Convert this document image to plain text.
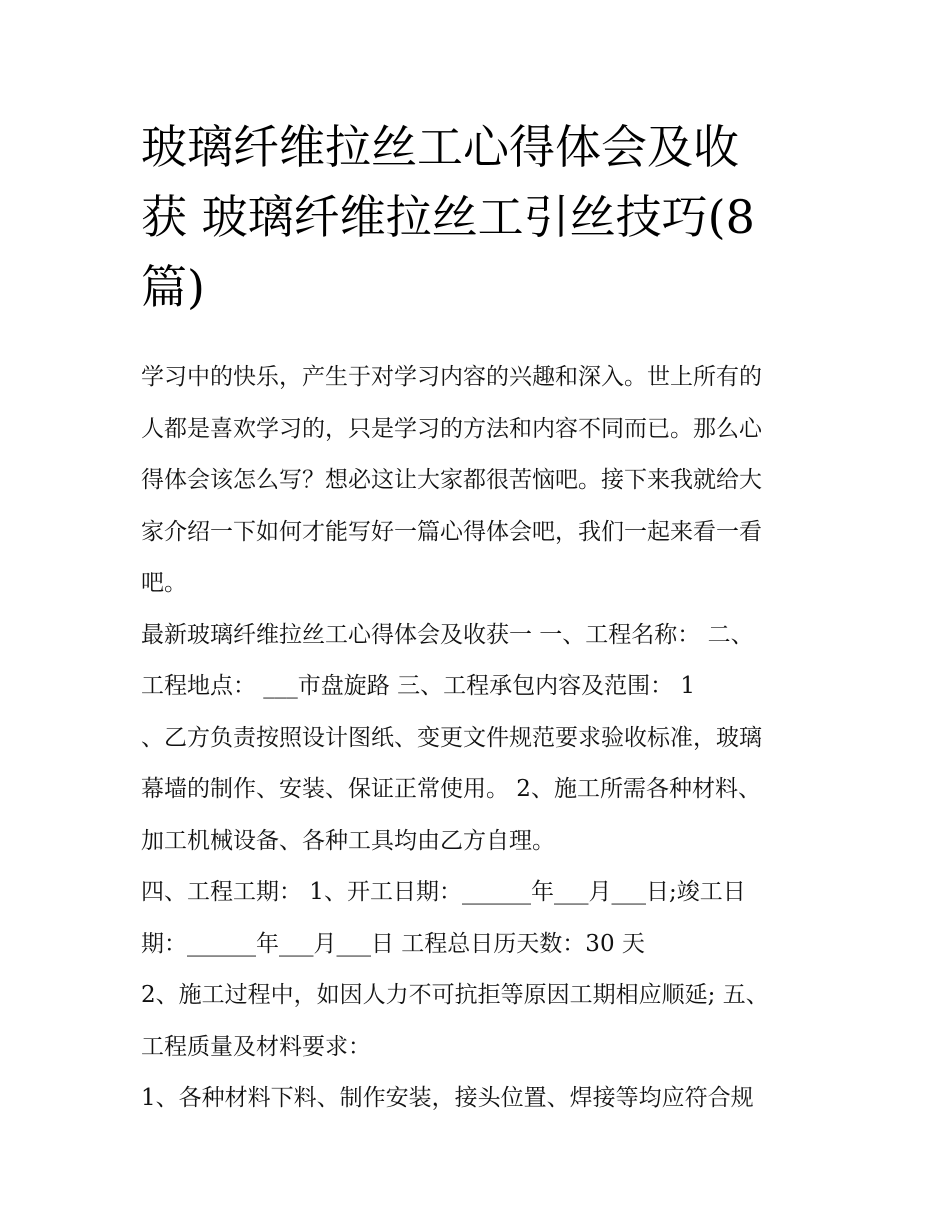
玻璃纤维拉丝工心得体会及收
获 玻璃纤维拉丝工引丝技巧(8
篇)

学习中的快乐，产生于对学习内容的兴趣和深入。世上所有的
人都是喜欢学习的，只是学习的方法和内容不同而已。那么心
得体会该怎么写？想必这让大家都很苦恼吧。接下来我就给大
家介绍一下如何才能写好一篇心得体会吧，我们一起来看一看
吧。

最新玻璃纤维拉丝工心得体会及收获一 一、工程名称： 二、
工程地点： ___市盘旋路 三、工程承包内容及范围： 1
、乙方负责按照设计图纸、变更文件规范要求验收标准，玻璃
幕墙的制作、安装、保证正常使用。 2、施工所需各种材料、
加工机械设备、各种工具均由乙方自理。

四、工程工期： 1、开工日期：______年___月___日;竣工日
期：______年___月___日 工程总日历天数：30 天

2、施工过程中，如因人力不可抗拒等原因工期相应顺延; 五、
工程质量及材料要求：

1、各种材料下料、制作安装，接头位置、焊接等均应符合规
